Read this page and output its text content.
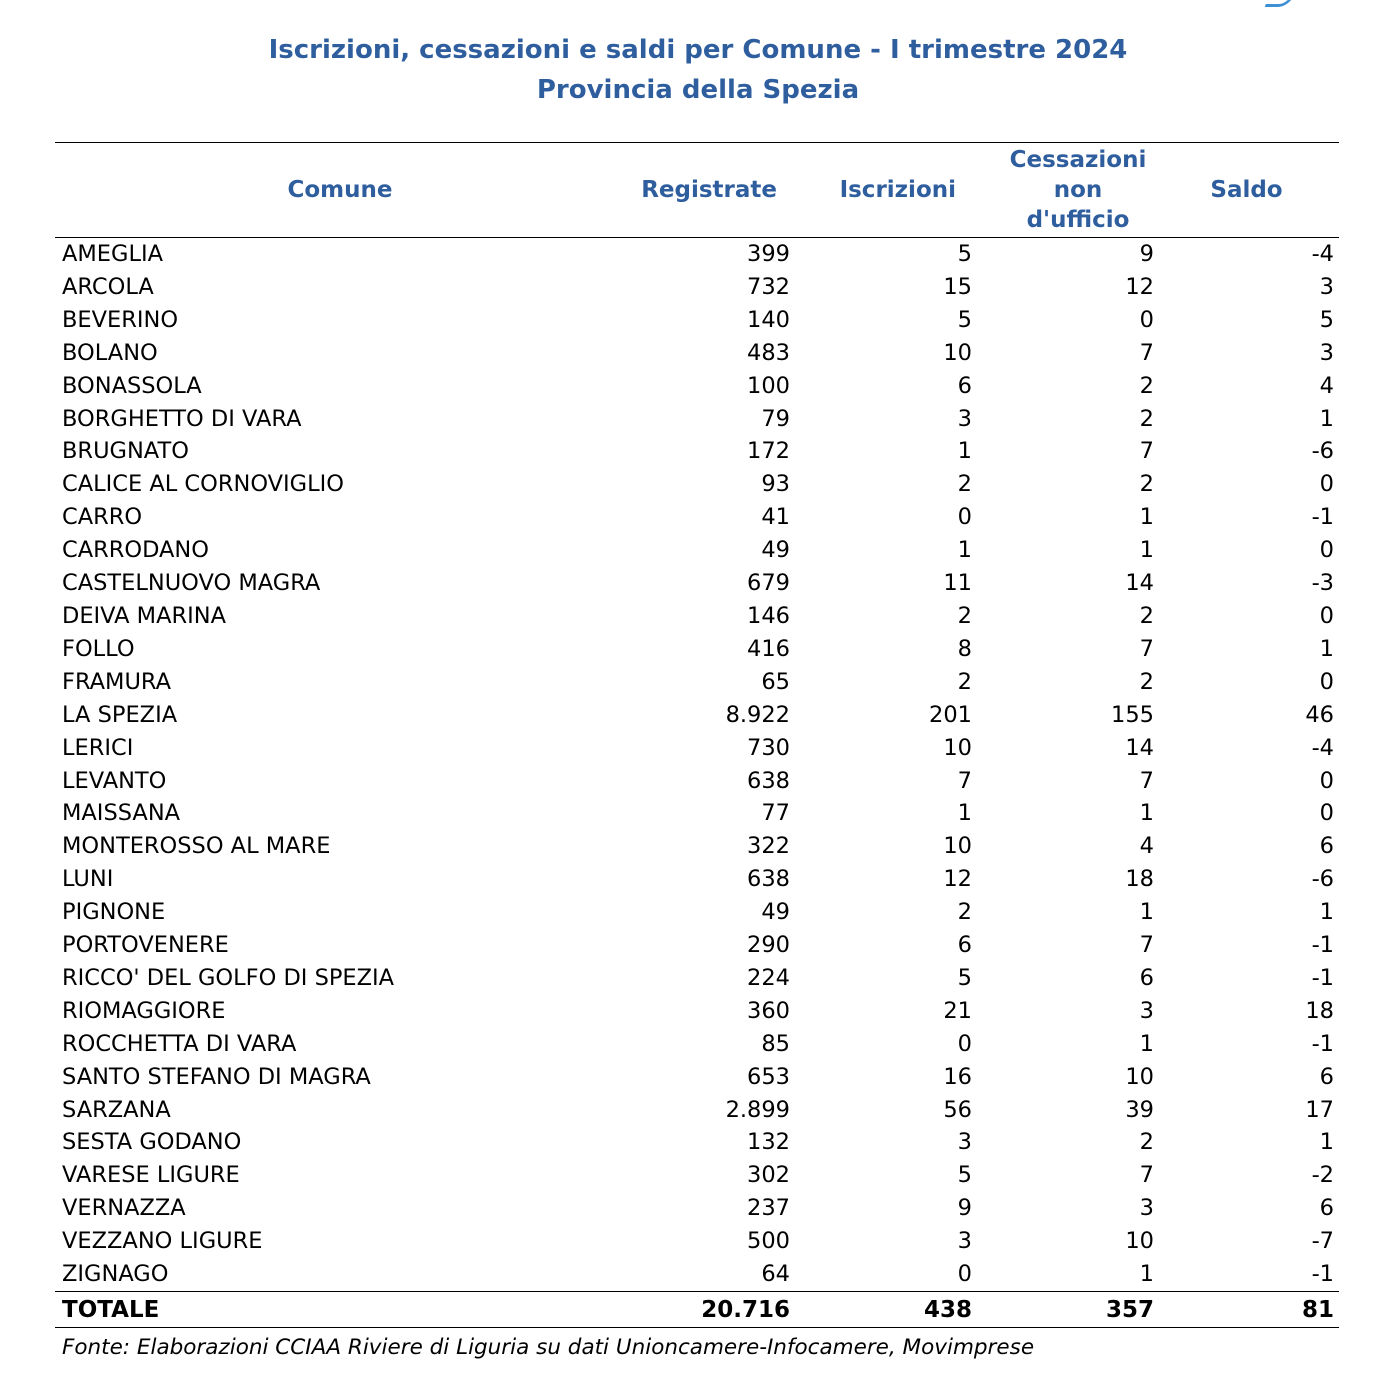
Iscrizioni, cessazioni e saldi per Comune - I trimestre 2024
Provincia della Spezia
Comune	Registrate	Iscrizioni	Cessazioni
non
d'ufficio	Saldo
AMEGLIA	399	5	9	-4
ARCOLA	732	15	12	3
BEVERINO	140	5	0	5
BOLANO	483	10	7	3
BONASSOLA	100	6	2	4
BORGHETTO DI VARA	79	3	2	1
BRUGNATO	172	1	7	-6
CALICE AL CORNOVIGLIO	93	2	2	0
CARRO	41	0	1	-1
CARRODANO	49	1	1	0
CASTELNUOVO MAGRA	679	11	14	-3
DEIVA MARINA	146	2	2	0
FOLLO	416	8	7	1
FRAMURA	65	2	2	0
LA SPEZIA	8.922	201	155	46
LERICI	730	10	14	-4
LEVANTO	638	7	7	0
MAISSANA	77	1	1	0
MONTEROSSO AL MARE	322	10	4	6
LUNI	638	12	18	-6
PIGNONE	49	2	1	1
PORTOVENERE	290	6	7	-1
RICCO' DEL GOLFO DI SPEZIA	224	5	6	-1
RIOMAGGIORE	360	21	3	18
ROCCHETTA DI VARA	85	0	1	-1
SANTO STEFANO DI MAGRA	653	16	10	6
SARZANA	2.899	56	39	17
SESTA GODANO	132	3	2	1
VARESE LIGURE	302	5	7	-2
VERNAZZA	237	9	3	6
VEZZANO LIGURE	500	3	10	-7
ZIGNAGO	64	0	1	-1
TOTALE	20.716	438	357	81
Fonte: Elaborazioni CCIAA Riviere di Liguria su dati Unioncamere-Infocamere, Movimprese
